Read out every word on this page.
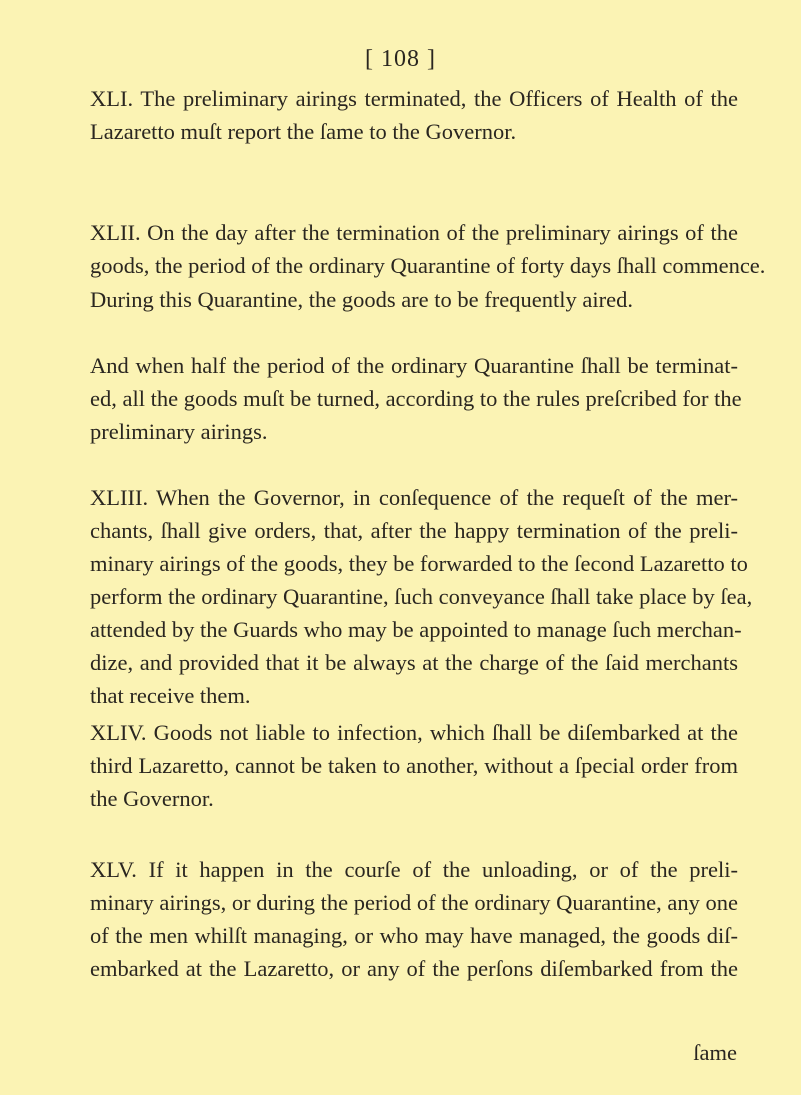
[ 108 ]
XLI. The preliminary airings terminated, the Officers of Health of the
Lazaretto muſt report the ſame to the Governor.
XLII. On the day after the termination of the preliminary airings of the
goods, the period of the ordinary Quarantine of forty days ſhall commence.
During this Quarantine, the goods are to be frequently aired.
And when half the period of the ordinary Quarantine ſhall be terminat-
ed, all the goods muſt be turned, according to the rules preſcribed for the
preliminary airings.
XLIII. When the Governor, in conſequence of the requeſt of the mer-
chants, ſhall give orders, that, after the happy termination of the preli-
minary airings of the goods, they be forwarded to the ſecond Lazaretto to
perform the ordinary Quarantine, ſuch conveyance ſhall take place by ſea,
attended by the Guards who may be appointed to manage ſuch merchan-
dize, and provided that it be always at the charge of the ſaid merchants
that receive them.
XLIV. Goods not liable to infection, which ſhall be diſembarked at the
third Lazaretto, cannot be taken to another, without a ſpecial order from
the Governor.
XLV. If it happen in the courſe of the unloading, or of the preli-
minary airings, or during the period of the ordinary Quarantine, any one
of the men whilſt managing, or who may have managed, the goods diſ-
embarked at the Lazaretto, or any of the perſons diſembarked from the
ſame
